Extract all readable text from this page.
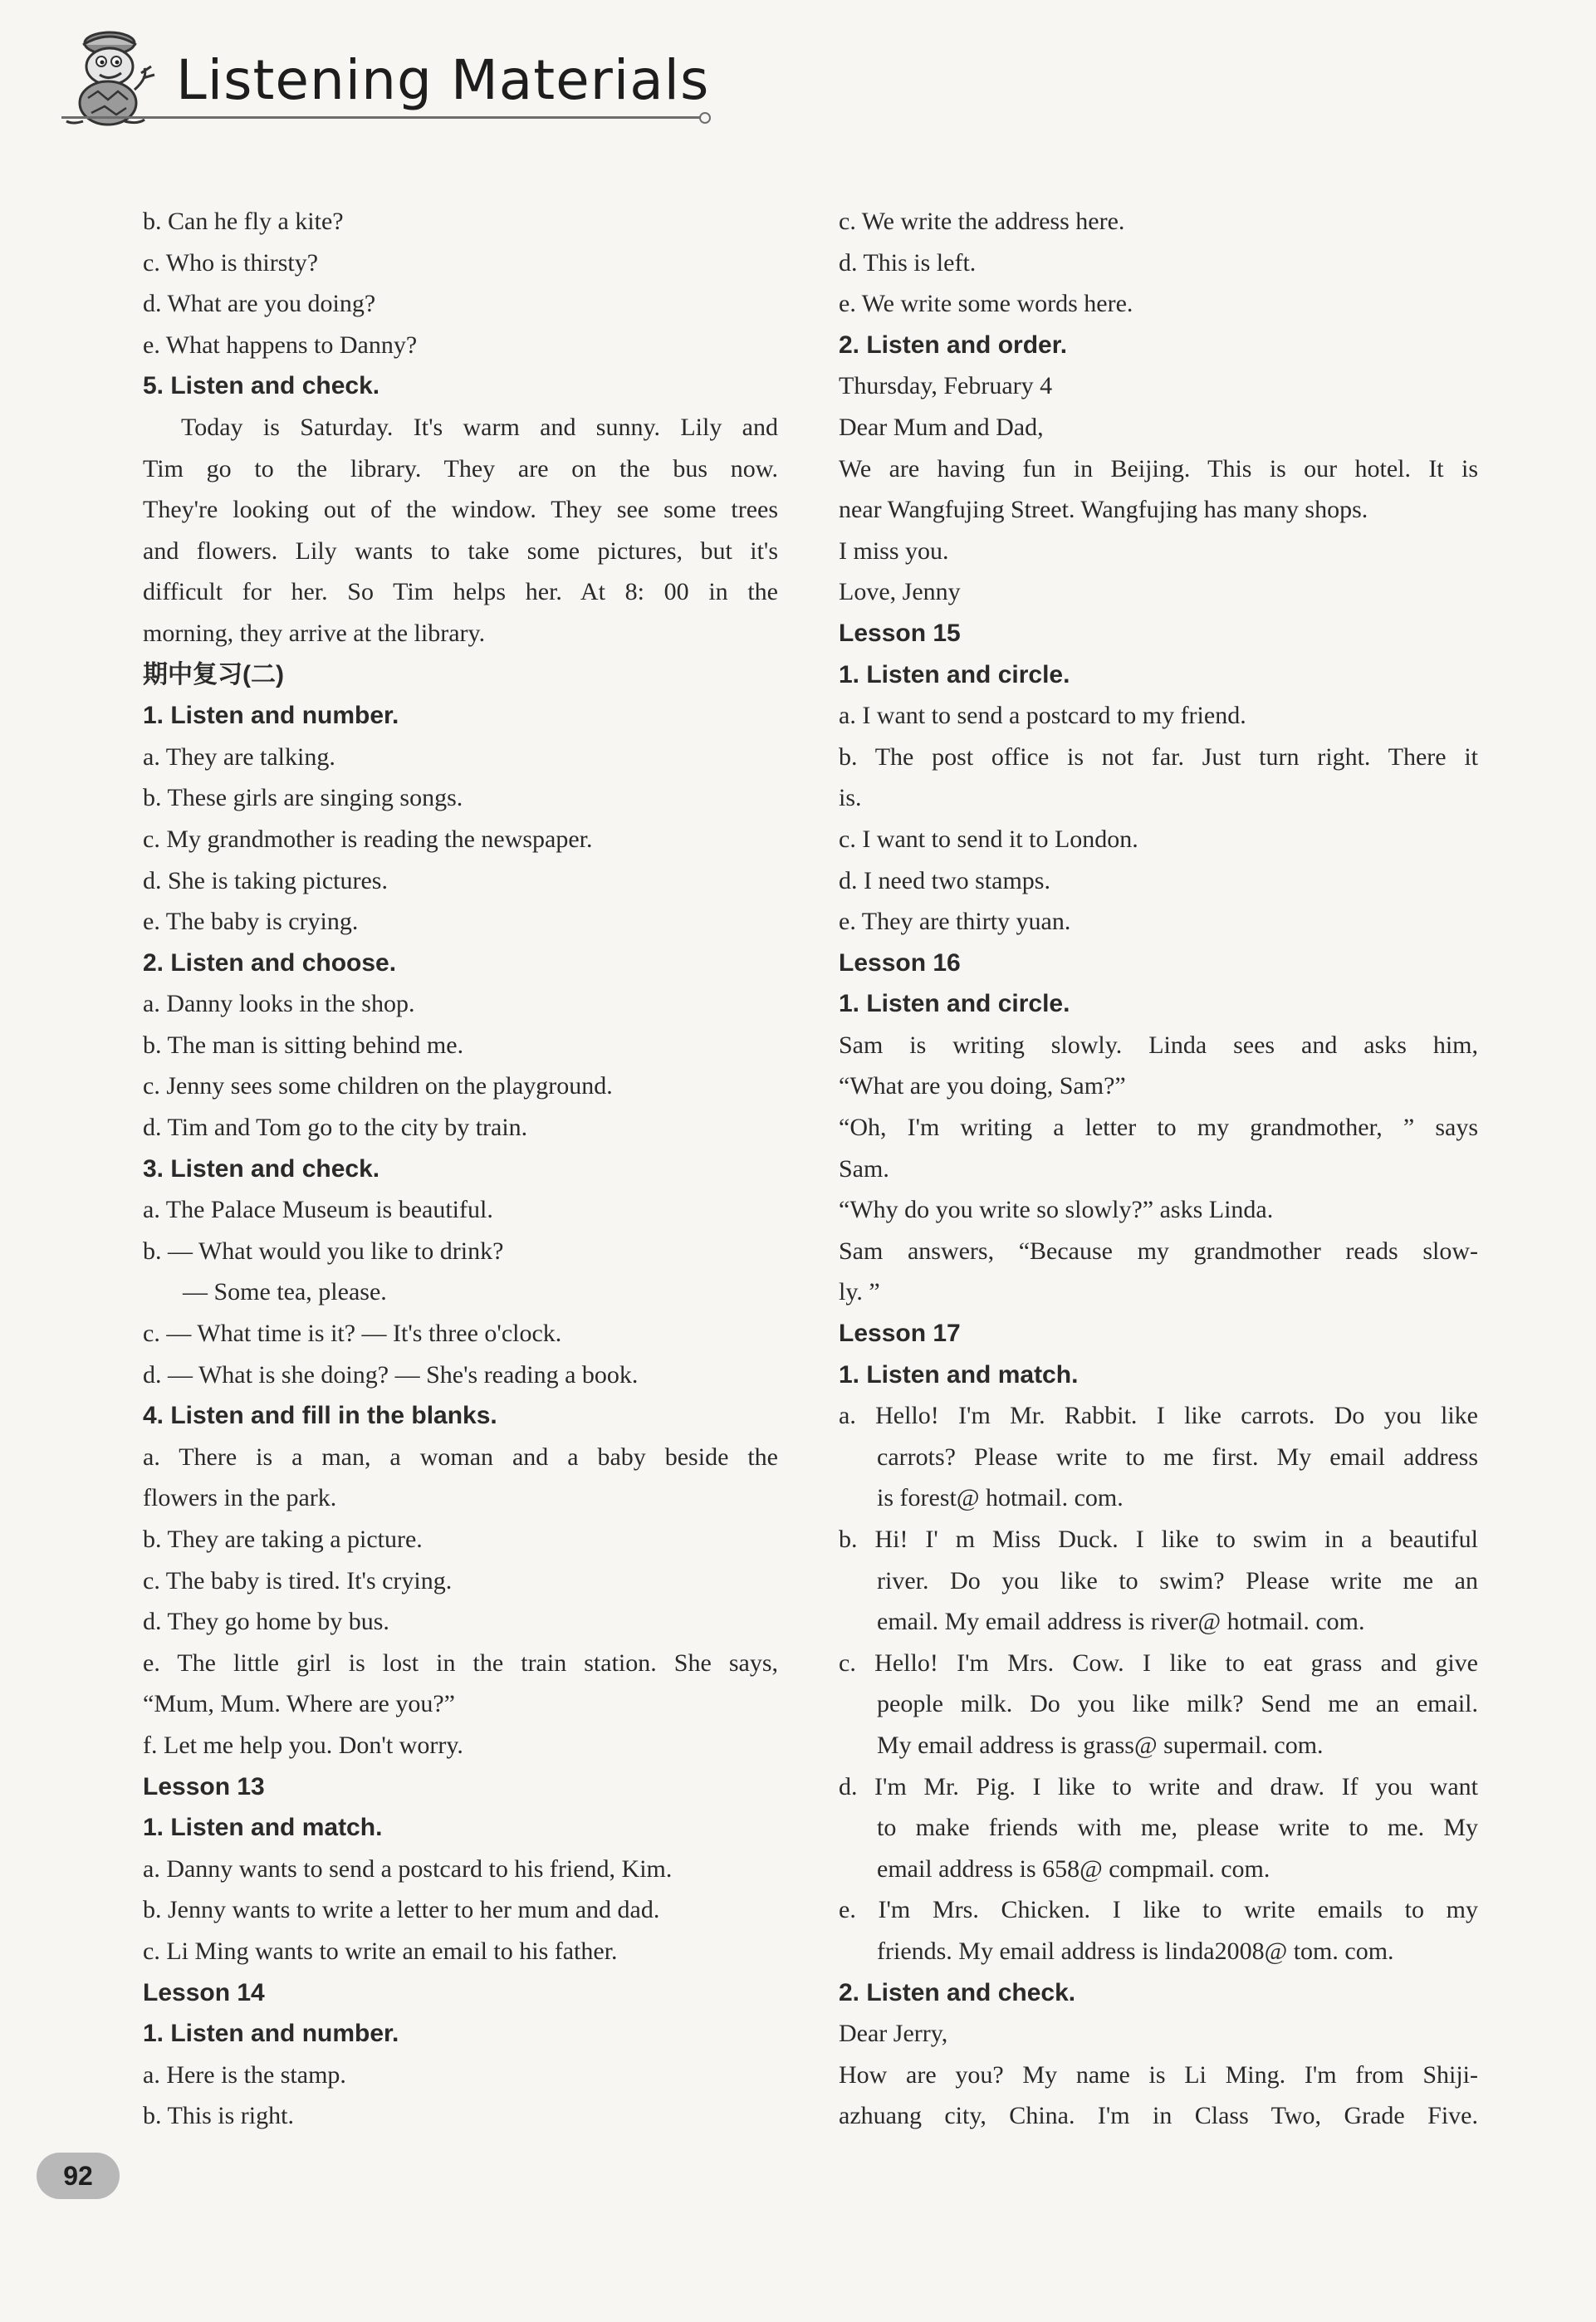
Listening Materials
b. Can he fly a kite?
c. Who is thirsty?
d. What are you doing?
e. What happens to Danny?
5. Listen and check.
Today is Saturday. It's warm and sunny. Lily and
Tim go to the library. They are on the bus now.
They're looking out of the window. They see some trees
and flowers. Lily wants to take some pictures, but it's
difficult for her. So Tim helps her. At 8: 00 in the
morning, they arrive at the library.
期中复习(二)
1. Listen and number.
a. They are talking.
b. These girls are singing songs.
c. My grandmother is reading the newspaper.
d. She is taking pictures.
e. The baby is crying.
2. Listen and choose.
a. Danny looks in the shop.
b. The man is sitting behind me.
c. Jenny sees some children on the playground.
d. Tim and Tom go to the city by train.
3. Listen and check.
a. The Palace Museum is beautiful.
b. — What would you like to drink?
— Some tea, please.
c. — What time is it? — It's three o'clock.
d. — What is she doing? — She's reading a book.
4. Listen and fill in the blanks.
a. There is a man, a woman and a baby beside the
flowers in the park.
b. They are taking a picture.
c. The baby is tired. It's crying.
d. They go home by bus.
e. The little girl is lost in the train station. She says,
“Mum, Mum. Where are you?”
f. Let me help you. Don't worry.
Lesson 13
1. Listen and match.
a. Danny wants to send a postcard to his friend, Kim.
b. Jenny wants to write a letter to her mum and dad.
c. Li Ming wants to write an email to his father.
Lesson 14
1. Listen and number.
a. Here is the stamp.
b. This is right.
c. We write the address here.
d. This is left.
e. We write some words here.
2. Listen and order.
Thursday, February 4
Dear Mum and Dad,
We are having fun in Beijing. This is our hotel. It is
near Wangfujing Street. Wangfujing has many shops.
I miss you.
Love, Jenny
Lesson 15
1. Listen and circle.
a. I want to send a postcard to my friend.
b. The post office is not far. Just turn right. There it
is.
c. I want to send it to London.
d. I need two stamps.
e. They are thirty yuan.
Lesson 16
1. Listen and circle.
Sam is writing slowly. Linda sees and asks him,
“What are you doing, Sam?”
“Oh, I'm writing a letter to my grandmother, ” says
Sam.
“Why do you write so slowly?” asks Linda.
Sam answers, “Because my grandmother reads slow-
ly. ”
Lesson 17
1. Listen and match.
a. Hello! I'm Mr. Rabbit. I like carrots. Do you like
carrots? Please write to me first. My email address
is forest@ hotmail. com.
b. Hi! I' m Miss Duck. I like to swim in a beautiful
river. Do you like to swim? Please write me an
email. My email address is river@ hotmail. com.
c. Hello! I'm Mrs. Cow. I like to eat grass and give
people milk. Do you like milk? Send me an email.
My email address is grass@ supermail. com.
d. I'm Mr. Pig. I like to write and draw. If you want
to make friends with me, please write to me. My
email address is 658@ compmail. com.
e. I'm Mrs. Chicken. I like to write emails to my
friends. My email address is linda2008@ tom. com.
2. Listen and check.
Dear Jerry,
How are you? My name is Li Ming. I'm from Shiji-
azhuang city, China. I'm in Class Two, Grade Five.
92
